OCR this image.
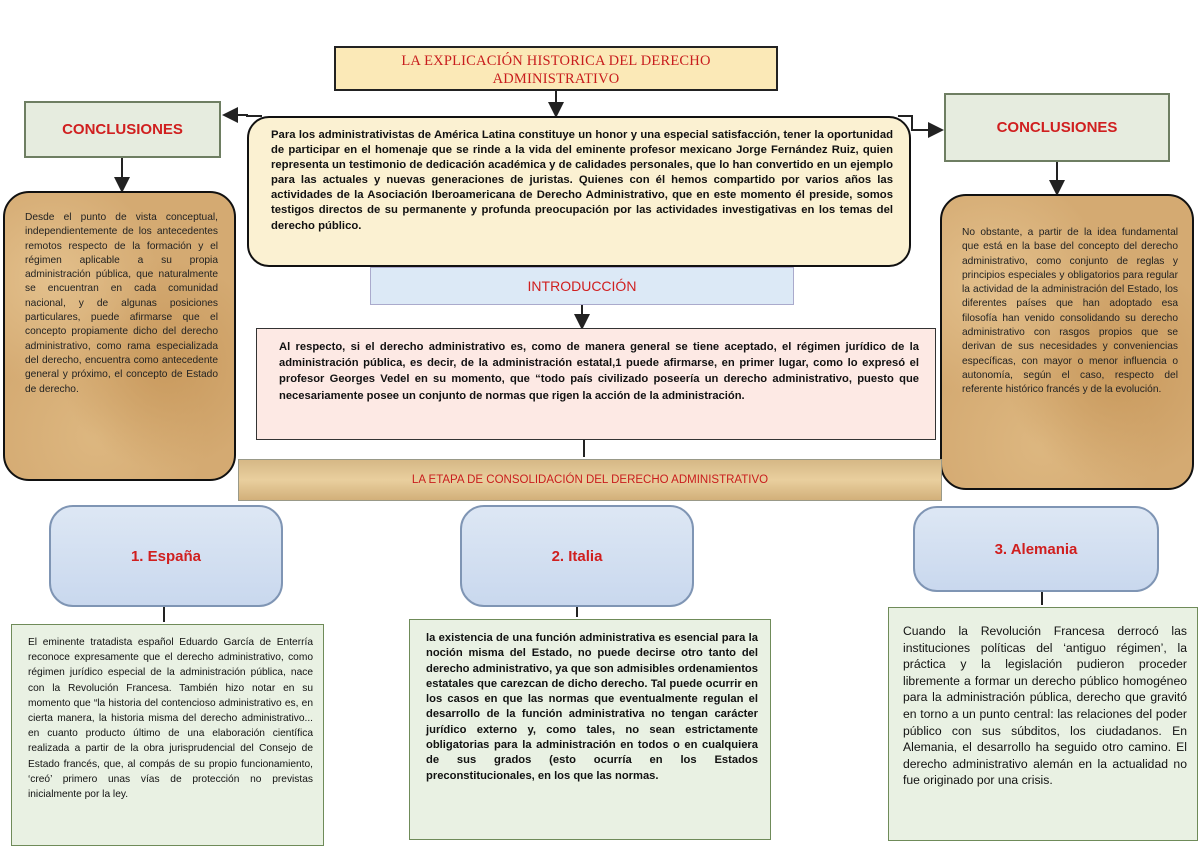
LA EXPLICACIÓN HISTORICA DEL DERECHO
ADMINISTRATIVO
CONCLUSIONES	CONCLUSIONES
Para los administrativistas de América Latina constituye un honor y una especial satisfacción, tener la oportunidad de participar en el homenaje que se rinde a la vida del eminente profesor mexicano Jorge Fernández Ruiz, quien representa un testimonio de dedicación académica y de calidades personales, que lo han convertido en un ejemplo para las actuales y nuevas generaciones de juristas. Quienes con él hemos compartido por varios años las actividades de la Asociación Iberoamericana de Derecho Administrativo, que en este momento él preside, somos testigos directos de su permanente y profunda preocupación por las actividades investigativas en los temas del derecho público.
Desde el punto de vista conceptual, independientemente de los antecedentes remotos respecto de la formación y el régimen aplicable a su propia administración pública, que naturalmente se encuentran en cada comunidad nacional, y de algunas posiciones particulares, puede afirmarse que el concepto propiamente dicho del derecho administrativo, como rama especializada del derecho, encuentra como antecedente general y próximo, el concepto de Estado de derecho.
No obstante, a partir de la idea fundamental que está en la base del concepto del derecho administrativo, como conjunto de reglas y principios especiales y obligatorios para regular la actividad de la administración del Estado, los diferentes países que han adoptado esa filosofía han venido consolidando su derecho administrativo con rasgos propios que se derivan de sus necesidades y conveniencias específicas, con mayor o menor influencia o autonomía, según el caso, respecto del referente histórico francés y de la evolución.
INTRODUCCIÓN
Al respecto, si el derecho administrativo es, como de manera general se tiene aceptado, el régimen jurídico de la administración pública, es decir, de la administración estatal,1 puede afirmarse, en primer lugar, como lo expresó el profesor Georges Vedel en su momento, que “todo país civilizado poseería un derecho administrativo, puesto que necesariamente posee un conjunto de normas que rigen la acción de la administración.
LA ETAPA DE CONSOLIDACIÓN DEL DERECHO ADMINISTRATIVO
1. España	2. Italia	3. Alemania
El eminente tratadista español Eduardo García de Enterría reconoce expresamente que el derecho administrativo, como régimen jurídico especial de la administración pública, nace con la Revolución Francesa. También hizo notar en su momento que “la historia del contencioso administrativo es, en cierta manera, la historia misma del derecho administrativo... en cuanto producto último de una elaboración científica realizada a partir de la obra jurisprudencial del Consejo de Estado francés, que, al compás de su propio funcionamiento, ‘creó’ primero unas vías de protección no previstas inicialmente por la ley.
la existencia de una función administrativa es esencial para la noción misma del Estado, no puede decirse otro tanto del derecho administrativo, ya que son admisibles ordenamientos estatales que carezcan de dicho derecho. Tal puede ocurrir en los casos en que las normas que eventualmente regulan el desarrollo de la función administrativa no tengan carácter jurídico externo y, como tales, no sean estrictamente obligatorias para la administración en todos o en cualquiera de sus grados (esto ocurría en los Estados preconstitucionales, en los que las normas.
Cuando la Revolución Francesa derrocó las instituciones políticas del ‘antiguo régimen’, la práctica y la legislación pudieron proceder libremente a formar un derecho público homogéneo para la administración pública, derecho que gravitó en torno a un punto central: las relaciones del poder público con sus súbditos, los ciudadanos. En Alemania, el desarrollo ha seguido otro camino. El derecho administrativo alemán en la actualidad no fue originado por una crisis.
